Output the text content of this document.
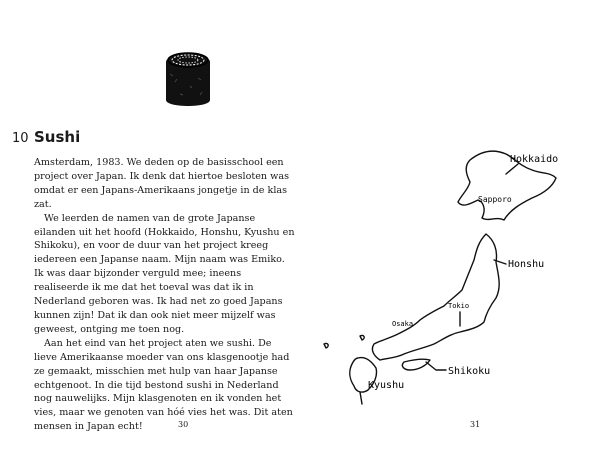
10 Sushi

Amsterdam, 1983. We deden op de basisschool een project over Japan. Ik denk dat hiertoe besloten was omdat er een Japans-Amerikaans jongetje in de klas zat.

We leerden de namen van de grote Japanse eilanden uit het hoofd (Hokkaido, Honshu, Kyushu en Shikoku), en voor de duur van het project kreeg iedereen een Japanse naam. Mijn naam was Emiko. Ik was daar bijzonder verguld mee; ineens realiseerde ik me dat het toeval was dat ik in Nederland geboren was. Ik had net zo goed Japans kunnen zijn! Dat ik dan ook niet meer mijzelf was geweest, ontging me toen nog.

Aan het eind van het project aten we sushi. De lieve Amerikaanse moeder van ons klasgenootje had ze gemaakt, misschien met hulp van haar Japanse echtgenoot. In die tijd bestond sushi in Nederland nog nauwelijks. Mijn klasgenoten en ik vonden het vies, maar we genoten van hóé vies het was. Dit aten mensen in Japan echt!	30
Hokkaido
Sapporo
Honshu
Tokio
Osaka
Shikoku
Kyushu
31
